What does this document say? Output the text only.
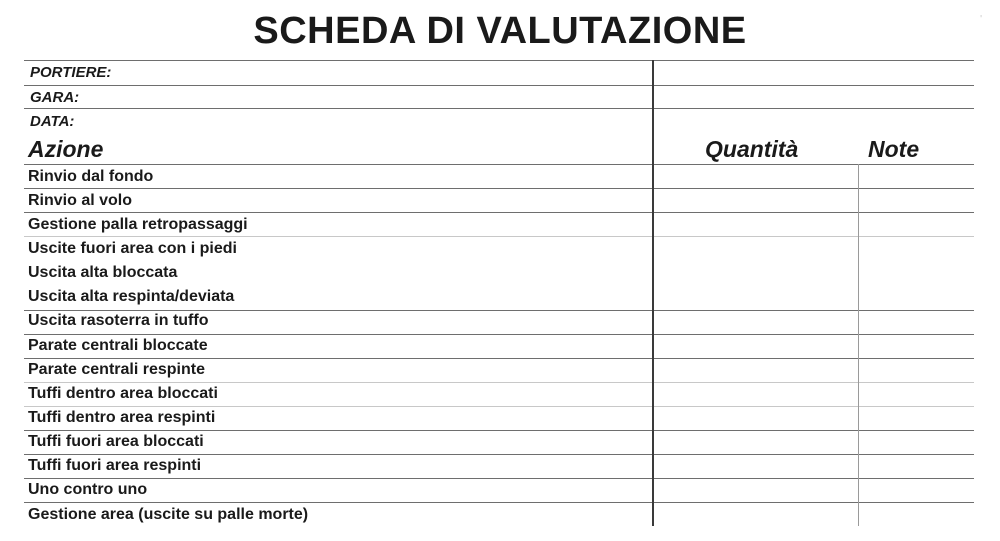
SCHEDA DI VALUTAZIONE	'
PORTIERE:
GARA:
DATA:
Azione	Quantità	Note
Rinvio dal fondo
Rinvio al volo
Gestione palla retropassaggi
Uscite fuori area con i piedi
Uscita alta bloccata
Uscita alta respinta/deviata
Uscita rasoterra in tuffo
Parate centrali bloccate
Parate centrali respinte
Tuffi dentro area bloccati
Tuffi dentro area respinti
Tuffi fuori area bloccati
Tuffi fuori area respinti
Uno contro uno
Gestione area (uscite su palle morte)
